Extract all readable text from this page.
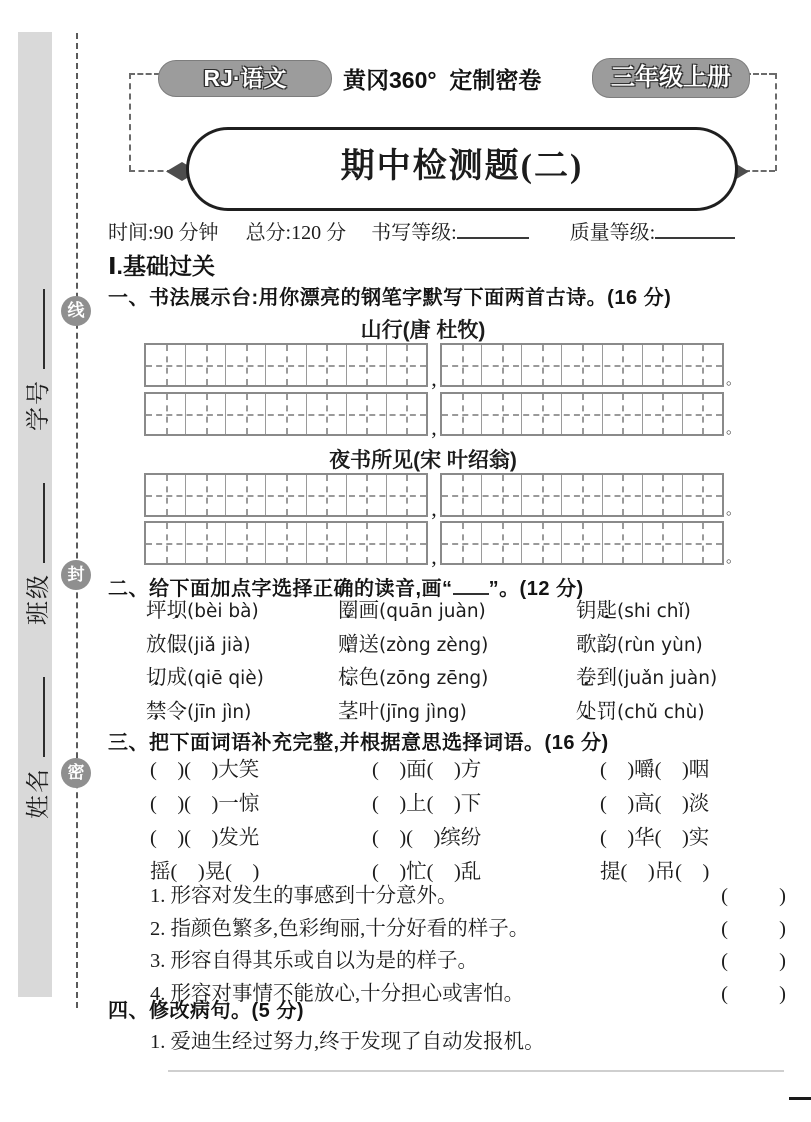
姓名
班级
学号
线
封
密
RJ·语文	黄冈360°  定制密卷	三年级上册
期中检测题(二)
时间:90 分钟 总分:120 分 书写等级:	质量等级:
Ⅰ.基础过关
一、书法展示台:用你漂亮的钢笔字默写下面两首古诗。(16 分)
山行(唐 杜牧)
,	。
,	。
夜书所见(宋 叶绍翁)
,	。
,	。
二、给下面加点字选择正确的读音,画“ ”。(12 分)
坪坝(bèi bà)	圈画(quān juàn)	钥匙(shi chǐ)
放假(jiǎ jià)	赠送(zòng zèng)	歌韵(rùn yùn)
切成(qiē qiè)	棕色(zōng zēng)	卷到(juǎn juàn)
禁令(jīn jìn)	茎叶(jīng jìng)	处罚(chǔ chù)
三、把下面词语补充完整,并根据意思选择词语。(16 分)
(    )(    )大笑	(    )面(    )方	(    )嚼(    )咽
(    )(    )一惊	(    )上(    )下	(    )高(    )淡
(    )(    )发光	(    )(    )缤纷	(    )华(    )实
摇(    )晃(    )	(    )忙(    )乱	提(    )吊(    )
1. 形容对发生的事感到十分意外。	(          )
2. 指颜色繁多,色彩绚丽,十分好看的样子。	(          )
3. 形容自得其乐或自以为是的样子。	(          )
4. 形容对事情不能放心,十分担心或害怕。	(          )
四、修改病句。(5 分)
1. 爱迪生经过努力,终于发现了自动发报机。
